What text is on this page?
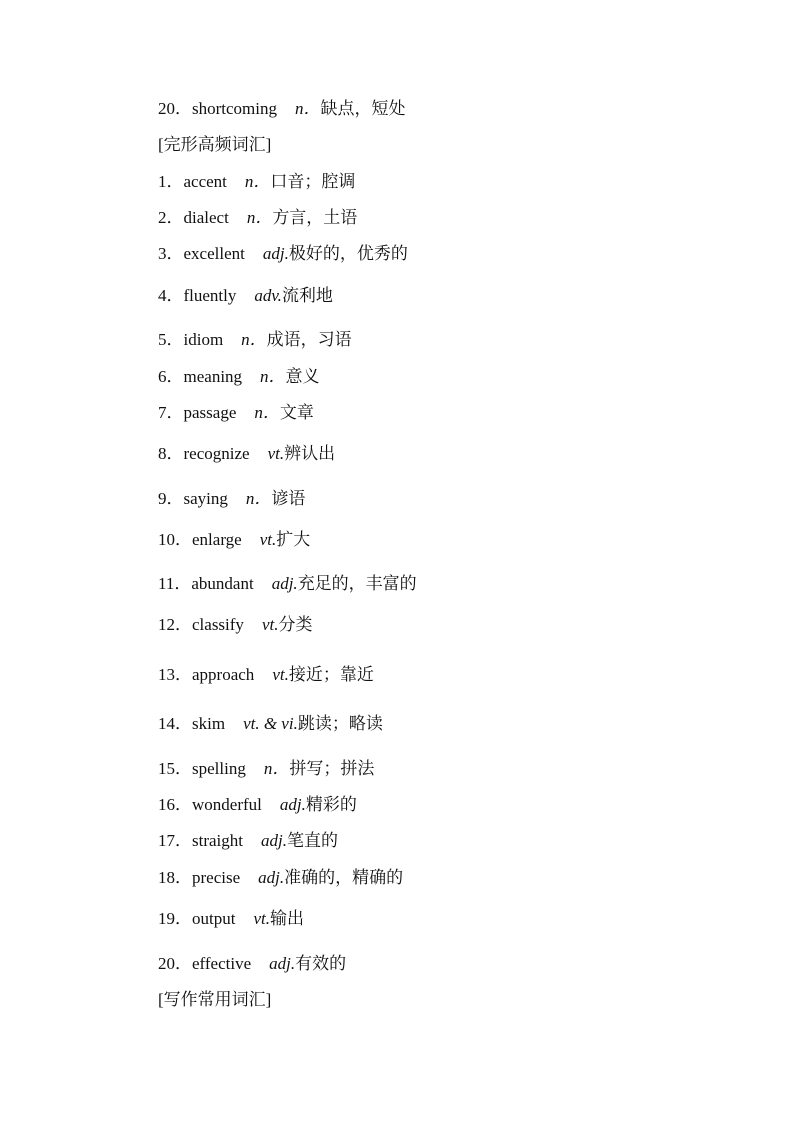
20．shortcoming n．缺点，短处
[完形高频词汇]
1．accent n．口音；腔调
2．dialect n．方言，土语
3．excellent adj.极好的，优秀的
4．fluently adv.流利地
5．idiom n．成语，习语
6．meaning n．意义
7．passage n．文章
8．recognize vt.辨认出
9．saying n．谚语
10．enlarge vt.扩大
11．abundant adj.充足的，丰富的
12．classify vt.分类
13．approach vt.接近；靠近
14．skim vt. & vi.跳读；略读
15．spelling n．拼写；拼法
16．wonderful adj.精彩的
17．straight adj.笔直的
18．precise adj.准确的，精确的
19．output vt.输出
20．effective adj.有效的
[写作常用词汇]
